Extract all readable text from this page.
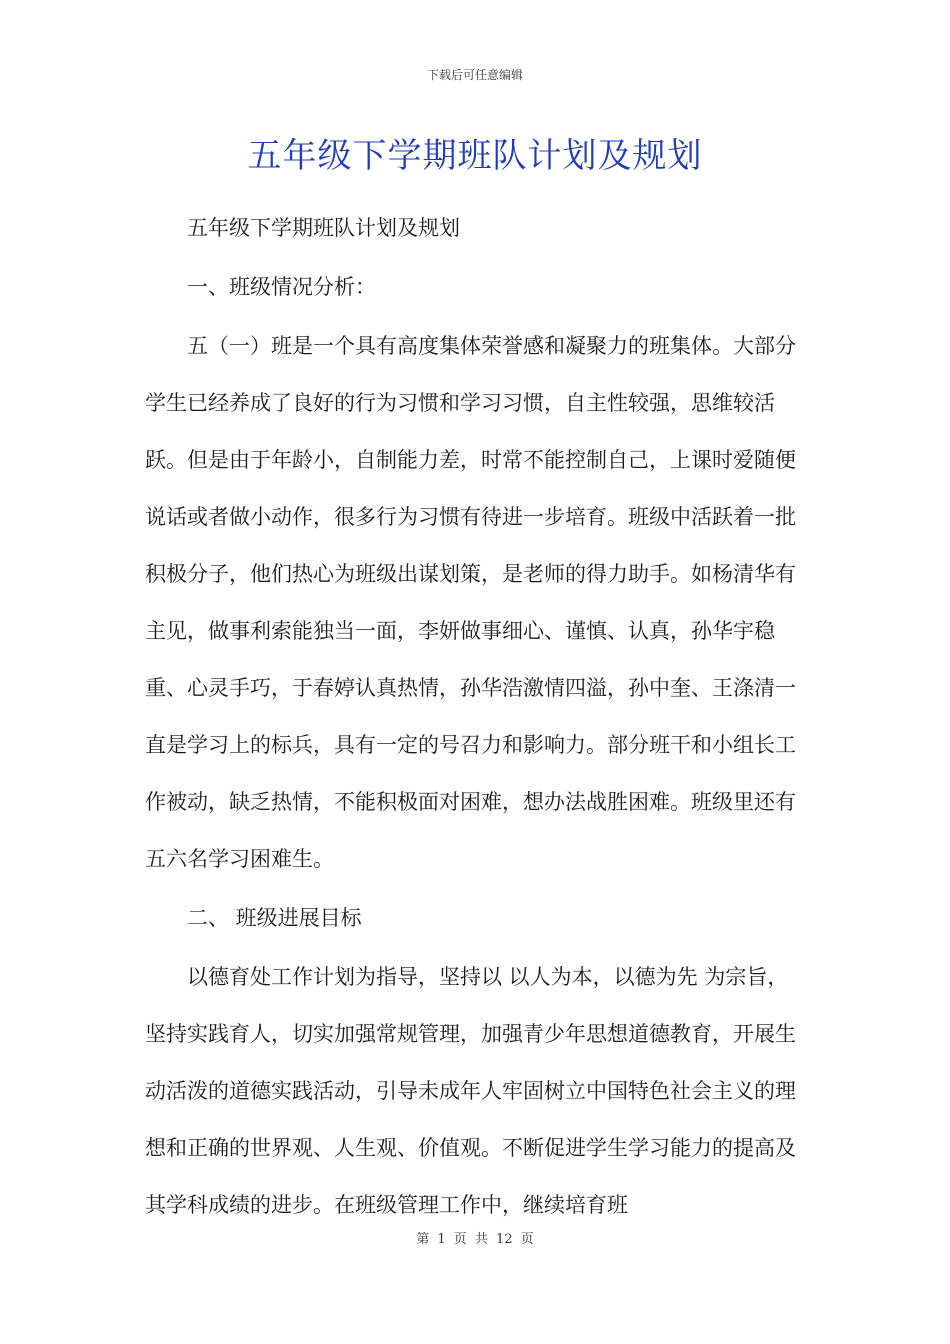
下载后可任意编辑
五年级下学期班队计划及规划

五年级下学期班队计划及规划

一、班级情况分析：

五（一）班是一个具有高度集体荣誉感和凝聚力的班集体。大部分学生已经养成了良好的行为习惯和学习习惯，自主性较强，思维较活跃。但是由于年龄小，自制能力差，时常不能控制自己，上课时爱随便说话或者做小动作，很多行为习惯有待进一步培育。班级中活跃着一批积极分子，他们热心为班级出谋划策，是老师的得力助手。如杨清华有主见，做事利索能独当一面，李妍做事细心、谨慎、认真，孙华宇稳重、心灵手巧，于春婷认真热情，孙华浩激情四溢，孙中奎、王涤清一直是学习上的标兵，具有一定的号召力和影响力。部分班干和小组长工作被动，缺乏热情，不能积极面对困难，想办法战胜困难。班级里还有五六名学习困难生。

二、 班级进展目标

以德育处工作计划为指导，坚持以 以人为本，以德为先 为宗旨，坚持实践育人，切实加强常规管理，加强青少年思想道德教育，开展生动活泼的道德实践活动，引导未成年人牢固树立中国特色社会主义的理想和正确的世界观、人生观、价值观。不断促进学生学习能力的提高及其学科成绩的进步。在班级管理工作中，继续培育班

第 1 页 共 12 页
